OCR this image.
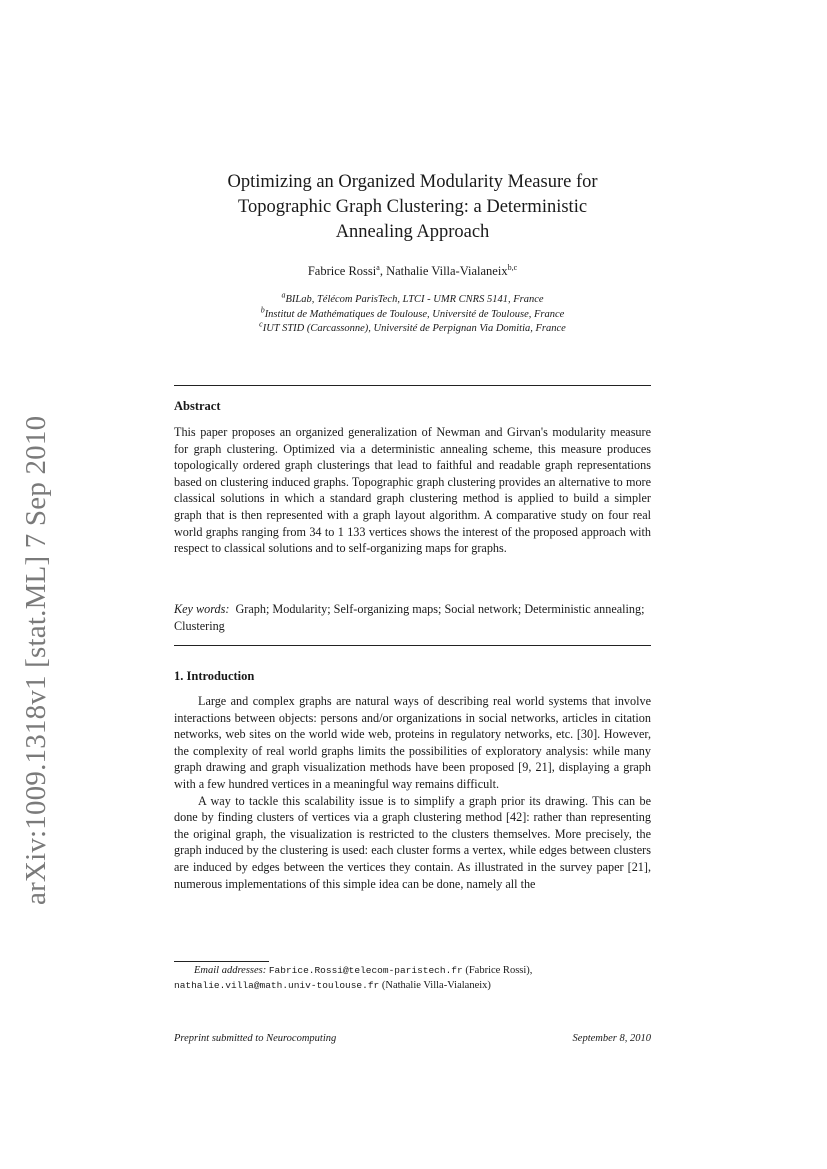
arXiv:1009.1318v1 [stat.ML] 7 Sep 2010
Optimizing an Organized Modularity Measure for
Topographic Graph Clustering: a Deterministic
Annealing Approach
Fabrice Rossi$^a$, Nathalie Villa-Vialaneix$^{b,c}$
$^a$BILab, Télécom ParisTech, LTCI - UMR CNRS 5141, France
$^b$Institut de Mathématiques de Toulouse, Université de Toulouse, France
$^c$IUT STID (Carcassonne), Université de Perpignan Via Domitia, France
Abstract
This paper proposes an organized generalization of Newman and Girvan's modularity measure for graph clustering. Optimized via a deterministic annealing scheme, this measure produces topologically ordered graph clusterings that lead to faithful and readable graph representations based on clustering induced graphs. Topographic graph clustering provides an alternative to more classical solutions in which a standard graph clustering method is applied to build a simpler graph that is then represented with a graph layout algorithm. A comparative study on four real world graphs ranging from 34 to 1 133 vertices shows the interest of the proposed approach with respect to classical solutions and to self-organizing maps for graphs.
Key words: Graph; Modularity; Self-organizing maps; Social network; Deterministic annealing; Clustering
1. Introduction

Large and complex graphs are natural ways of describing real world systems that involve interactions between objects: persons and/or organizations in social networks, articles in citation networks, web sites on the world wide web, proteins in regulatory networks, etc. [30]. However, the complexity of real world graphs limits the possibilities of exploratory analysis: while many graph drawing and graph visualization methods have been proposed [9, 21], displaying a graph with a few hundred vertices in a meaningful way remains difficult.

A way to tackle this scalability issue is to simplify a graph prior its drawing. This can be done by finding clusters of vertices via a graph clustering method [42]: rather than representing the original graph, the visualization is restricted to the clusters themselves. More precisely, the graph induced by the clustering is used: each cluster forms a vertex, while edges between clusters are induced by edges between the vertices they contain. As illustrated in the survey paper [21], numerous implementations of this simple idea can be done, namely all the

Email addresses: Fabrice.Rossi@telecom-paristech.fr (Fabrice Rossi),
nathalie.villa@math.univ-toulouse.fr (Nathalie Villa-Vialaneix)
Preprint submitted to Neurocomputing	September 8, 2010
